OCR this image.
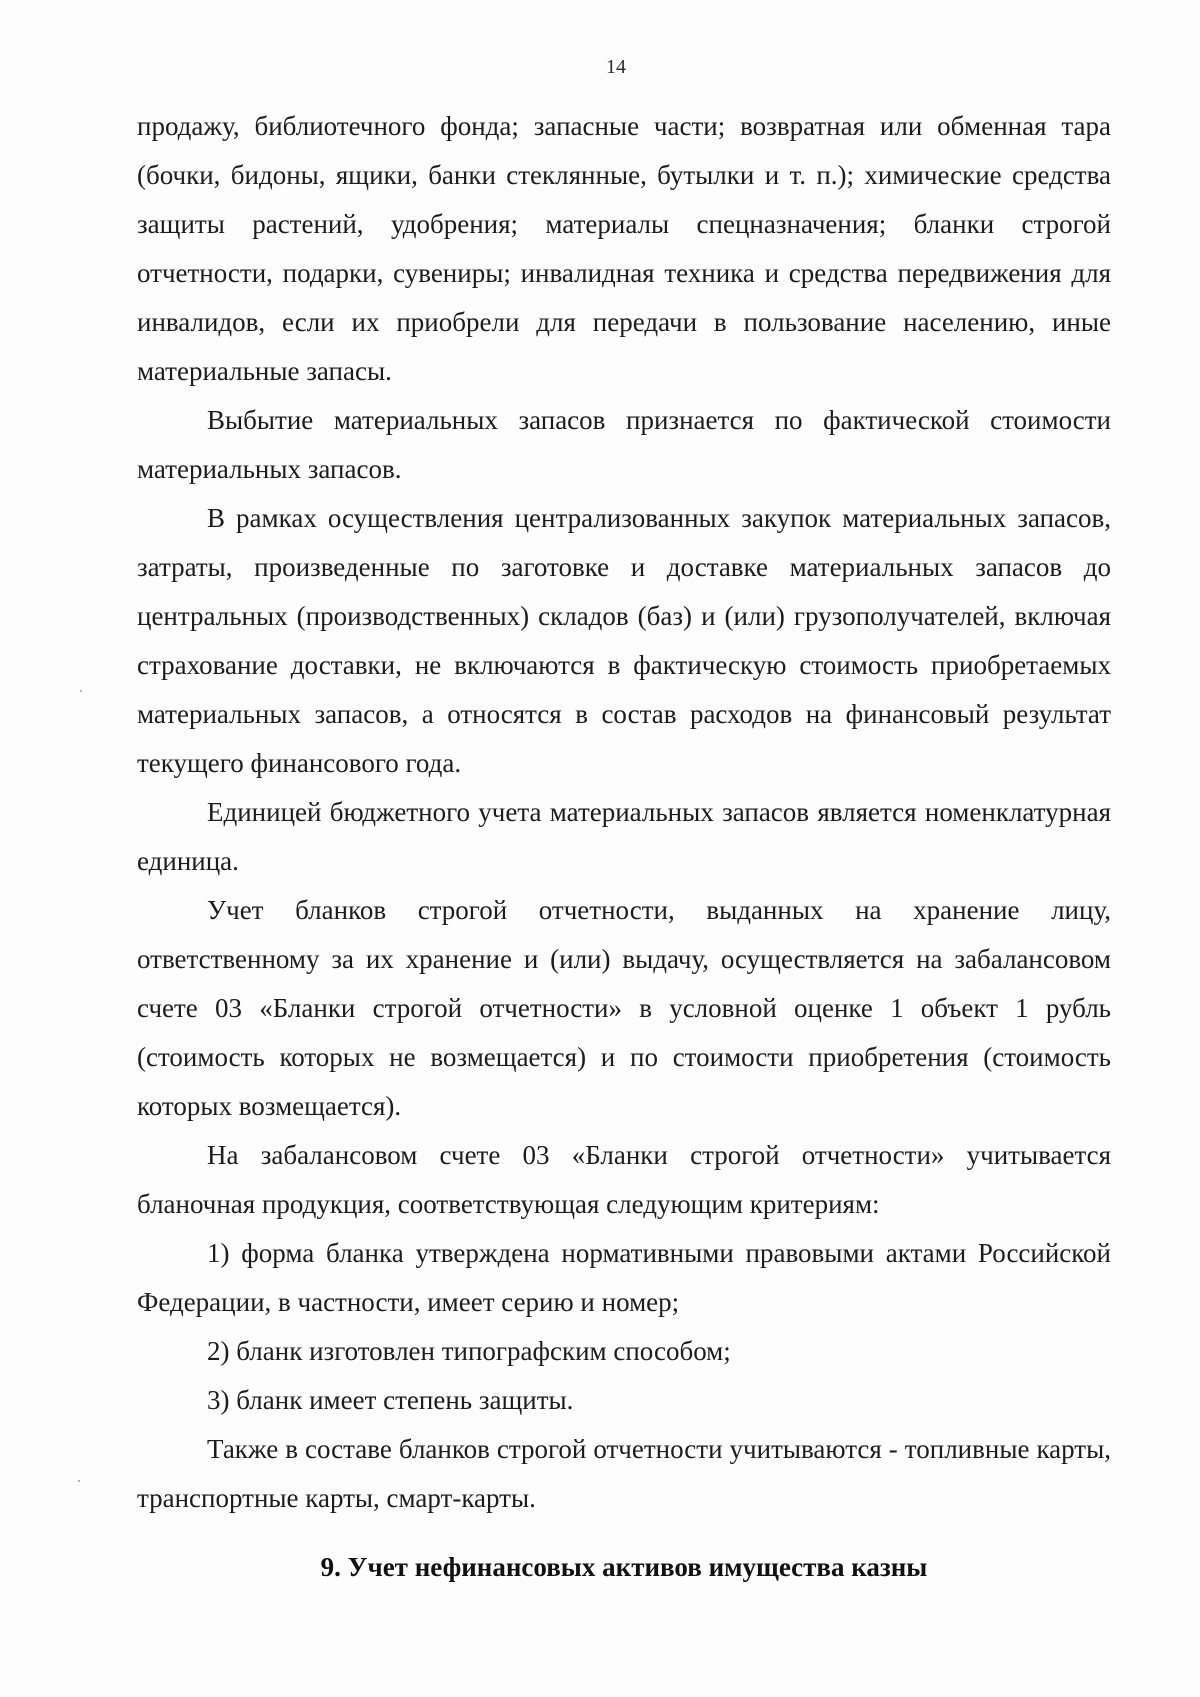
14

продажу, библиотечного фонда; запасные части; возвратная или обменная тара (бочки, бидоны, ящики, банки стеклянные, бутылки и т. п.); химические средства защиты растений, удобрения; материалы спецназначения; бланки строгой отчетности, подарки, сувениры; инвалидная техника и средства передвижения для инвалидов, если их приобрели для передачи в пользование населению, иные материальные запасы.

Выбытие материальных запасов признается по фактической стоимости материальных запасов.

В рамках осуществления централизованных закупок материальных запасов, затраты, произведенные по заготовке и доставке материальных запасов до центральных (производственных) складов (баз) и (или) грузополучателей, включая страхование доставки, не включаются в фактическую стоимость приобретаемых материальных запасов, а относятся в состав расходов на финансовый результат текущего финансового года.

Единицей бюджетного учета материальных запасов является номенклатурная единица.

Учет бланков строгой отчетности, выданных на хранение лицу, ответственному за их хранение и (или) выдачу, осуществляется на забалансовом счете 03 «Бланки строгой отчетности» в условной оценке 1 объект 1 рубль (стоимость которых не возмещается) и по стоимости приобретения (стоимость которых возмещается).

На забалансовом счете 03 «Бланки строгой отчетности» учитывается бланочная продукция, соответствующая следующим критериям:

1) форма бланка утверждена нормативными правовыми актами Российской Федерации, в частности, имеет серию и номер;

2) бланк изготовлен типографским способом;

3) бланк имеет степень защиты.

Также в составе бланков строгой отчетности учитываются - топливные карты, транспортные карты, смарт-карты.

9. Учет нефинансовых активов имущества казны
